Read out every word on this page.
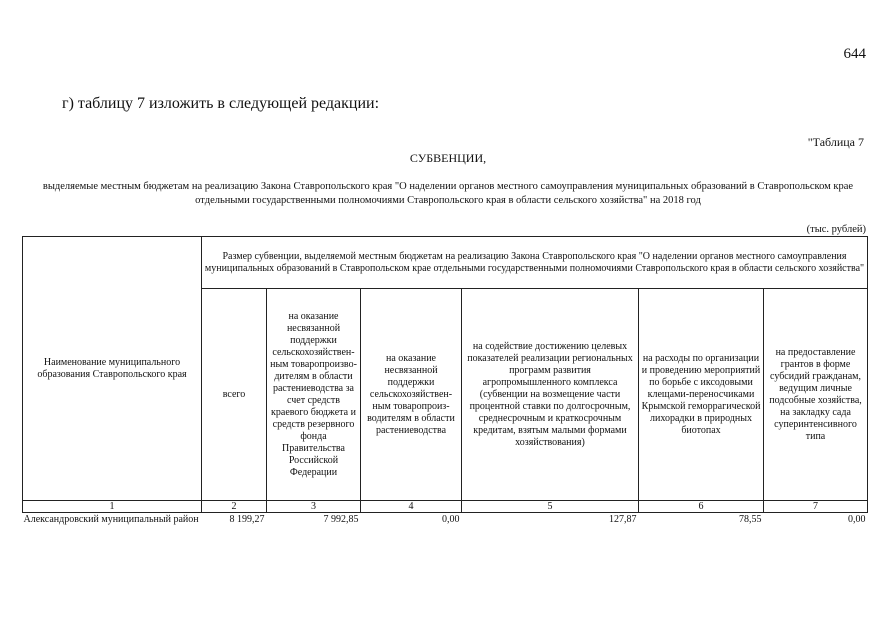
644
г) таблицу 7 изложить в следующей редакции:
"Таблица 7
СУБВЕНЦИИ,
выделяемые местным бюджетам на реализацию Закона Ставропольского края "О наделении органов местного самоуправления муниципальных образований в Ставропольском крае отдельными государственными полномочиями Ставропольского края в области сельского хозяйства" на 2018 год
(тыс. рублей)
Наименование муниципального образования Ставропольского края	Размер субвенции, выделяемой местным бюджетам на реализацию Закона Ставропольского края "О наделении органов местного самоуправления муниципальных образований в Ставропольском крае отдельными государственными полномочиями Ставропольского края в области сельского хозяйства"					
	всего	на оказание несвязанной поддержки сельскохозяйствен-ным товаропроизво-дителям в области растениеводства за счет средств краевого бюджета и средств резервного фонда Правительства Российской Федерации	на оказание несвязанной поддержки сельскохозяйствен-ным товаропроиз-водителям в области растениеводства	на содействие достижению целевых показателей реализации региональных программ развития агропромышленного комплекса (субвенции на возмещение части процентной ставки по долгосрочным, среднесрочным и краткосрочным кредитам, взятым малыми формами хозяйствования)	на расходы по организации и проведению мероприятий по борьбе с иксодовыми клещами-переносчиками Крымской геморрагической лихорадки в природных биотопах	на предоставление грантов в форме субсидий гражданам, ведущим личные подсобные хозяйства, на закладку сада суперинтенсивного типа
1	2	3	4	5	6	7
Александровский муниципальный район	8 199,27	7 992,85	0,00	127,87	78,55	0,00
